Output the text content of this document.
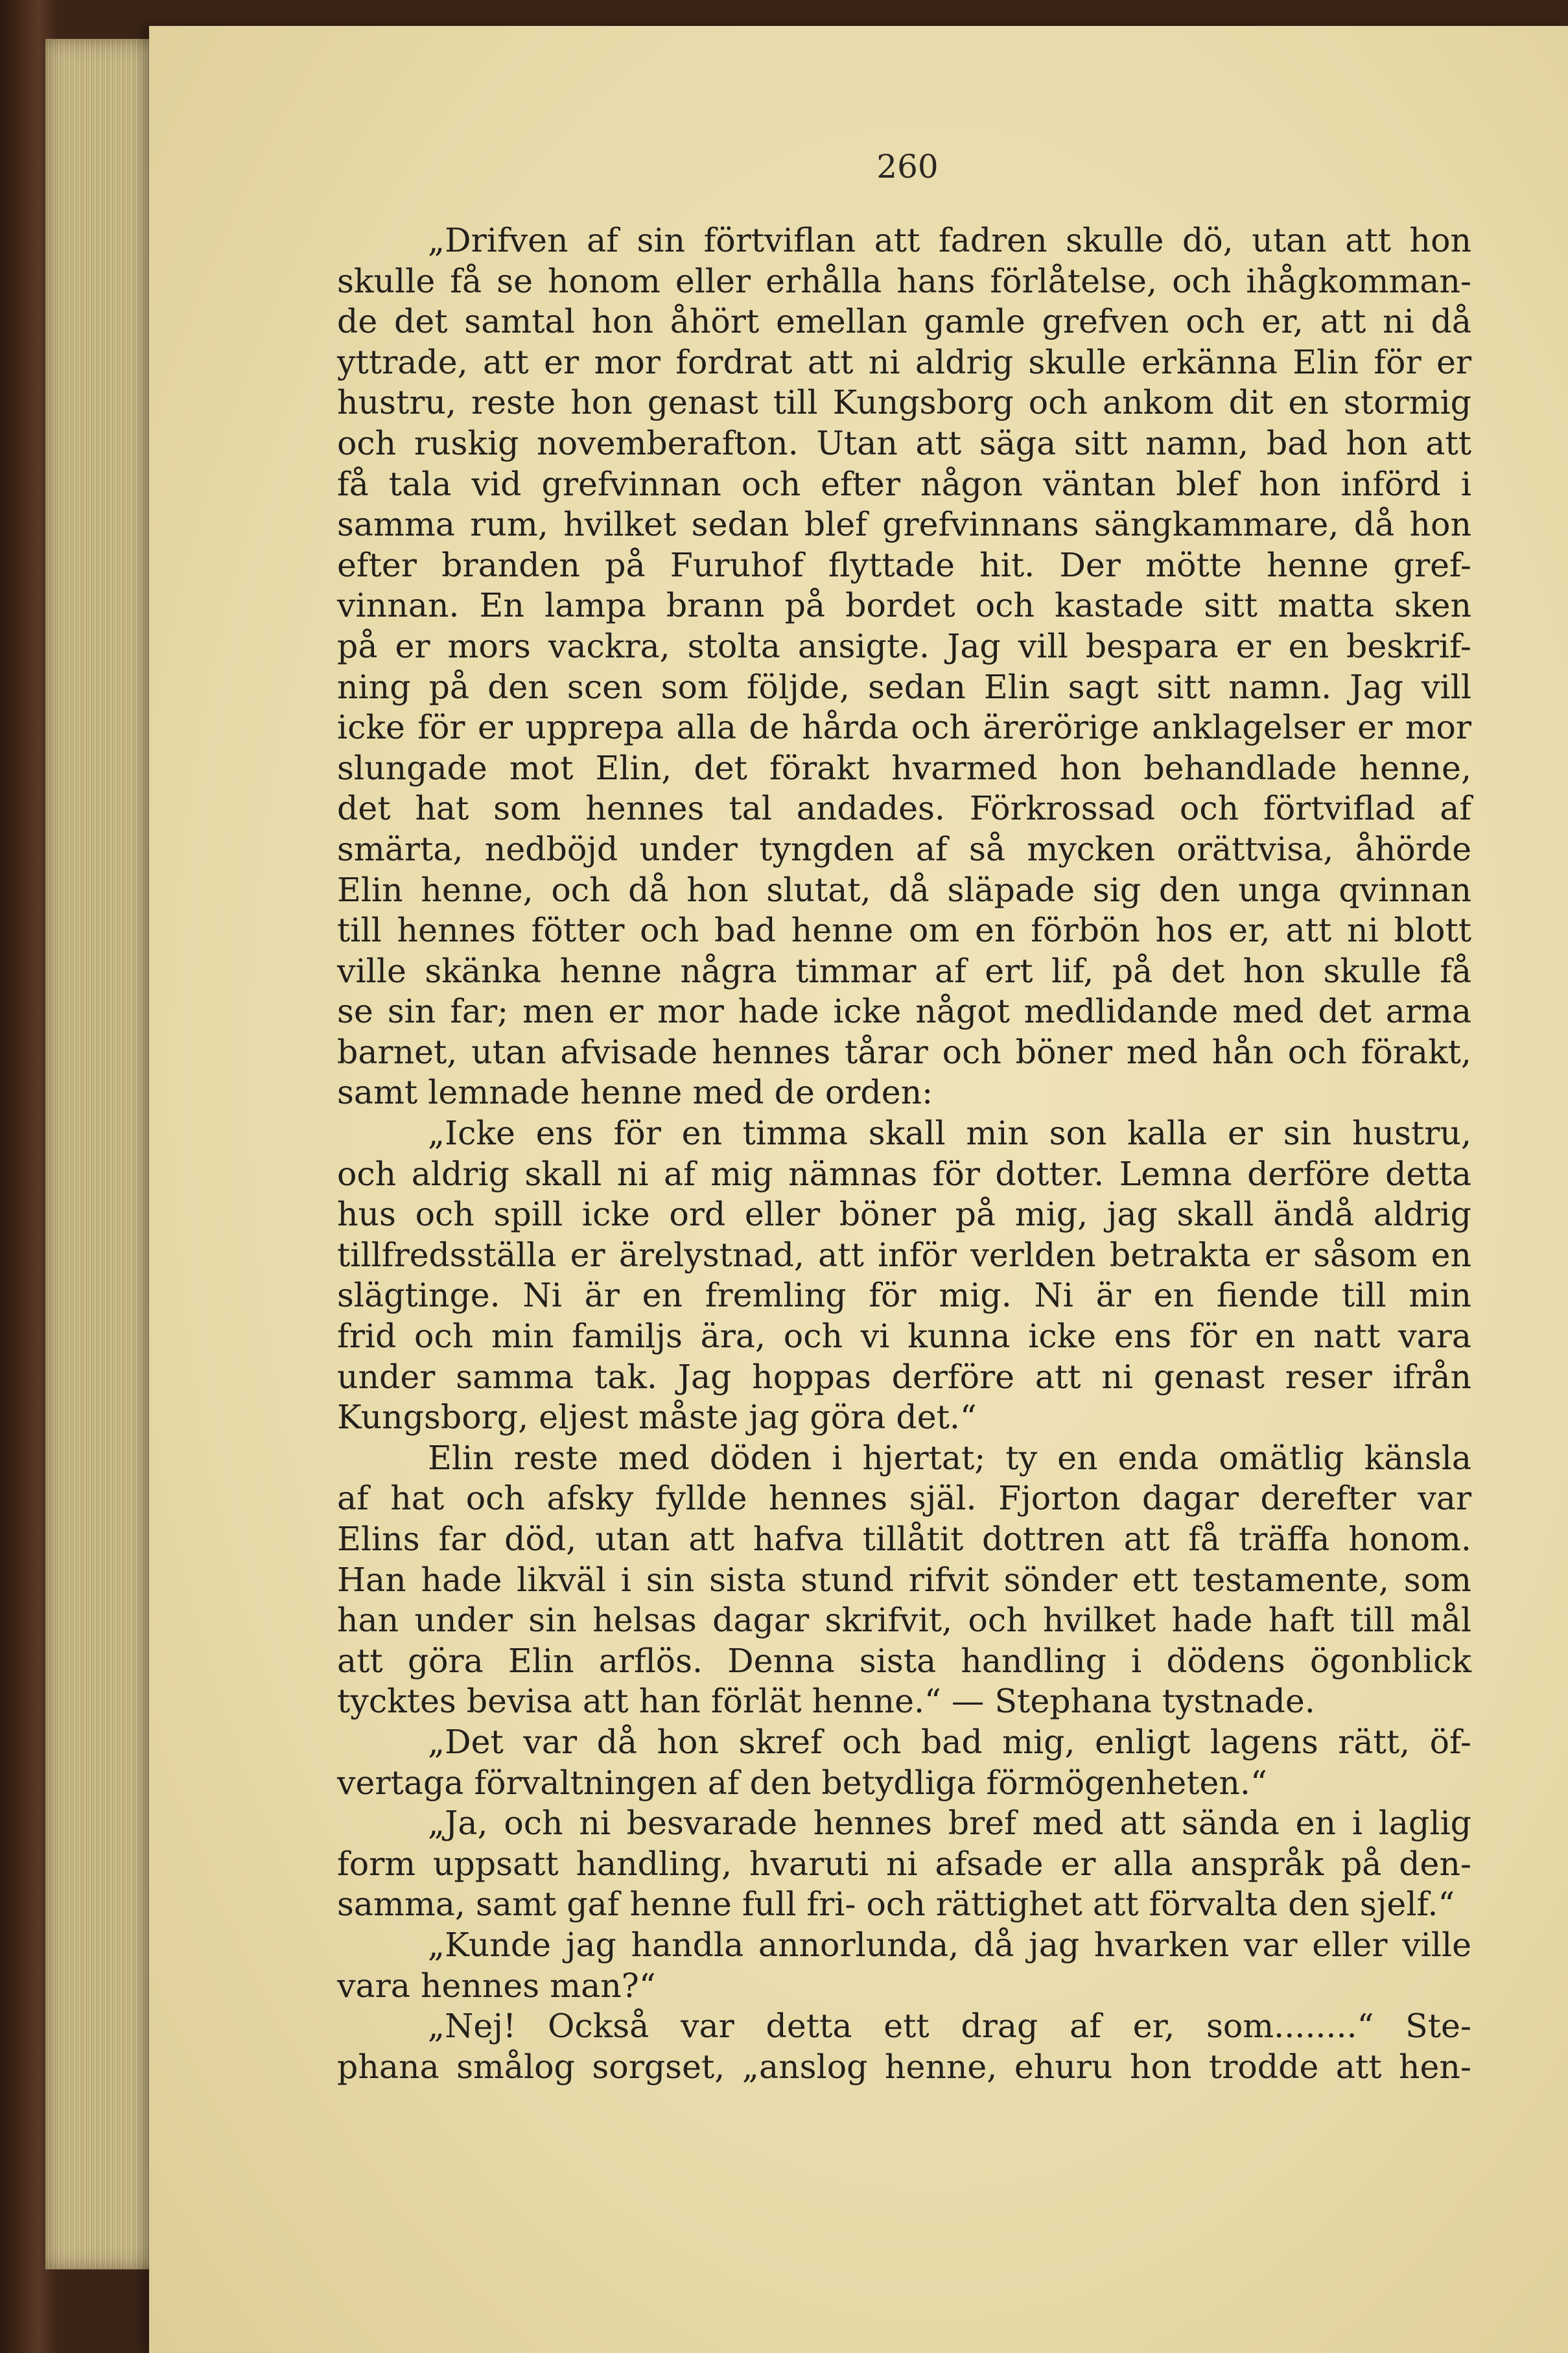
260
„Drifven af sin förtviflan att fadren skulle dö, utan att hon
skulle få se honom eller erhålla hans förlåtelse, och ihågkomman-
de det samtal hon åhört emellan gamle grefven och er, att ni då
yttrade, att er mor fordrat att ni aldrig skulle erkänna Elin för er
hustru, reste hon genast till Kungsborg och ankom dit en stormig
och ruskig novemberafton. Utan att säga sitt namn, bad hon att
få tala vid grefvinnan och efter någon väntan blef hon införd i
samma rum, hvilket sedan blef grefvinnans sängkammare, då hon
efter branden på Furuhof flyttade hit. Der mötte henne gref-
vinnan. En lampa brann på bordet och kastade sitt matta sken
på er mors vackra, stolta ansigte. Jag vill bespara er en beskrif-
ning på den scen som följde, sedan Elin sagt sitt namn. Jag vill
icke för er upprepa alla de hårda och ärerörige anklagelser er mor
slungade mot Elin, det förakt hvarmed hon behandlade henne,
det hat som hennes tal andades. Förkrossad och förtviflad af
smärta, nedböjd under tyngden af så mycken orättvisa, åhörde
Elin henne, och då hon slutat, då släpade sig den unga qvinnan
till hennes fötter och bad henne om en förbön hos er, att ni blott
ville skänka henne några timmar af ert lif, på det hon skulle få
se sin far; men er mor hade icke något medlidande med det arma
barnet, utan afvisade hennes tårar och böner med hån och förakt,
samt lemnade henne med de orden:
„Icke ens för en timma skall min son kalla er sin hustru,
och aldrig skall ni af mig nämnas för dotter. Lemna derföre detta
hus och spill icke ord eller böner på mig, jag skall ändå aldrig
tillfredsställa er ärelystnad, att inför verlden betrakta er såsom en
slägtinge. Ni är en fremling för mig. Ni är en fiende till min
frid och min familjs ära, och vi kunna icke ens för en natt vara
under samma tak. Jag hoppas derföre att ni genast reser ifrån
Kungsborg, eljest måste jag göra det.“
Elin reste med döden i hjertat; ty en enda omätlig känsla
af hat och afsky fyllde hennes själ. Fjorton dagar derefter var
Elins far död, utan att hafva tillåtit dottren att få träffa honom.
Han hade likväl i sin sista stund rifvit sönder ett testamente, som
han under sin helsas dagar skrifvit, och hvilket hade haft till mål
att göra Elin arflös. Denna sista handling i dödens ögonblick
tycktes bevisa att han förlät henne.“ — Stephana tystnade.
„Det var då hon skref och bad mig, enligt lagens rätt, öf-
vertaga förvaltningen af den betydliga förmögenheten.“
„Ja, och ni besvarade hennes bref med att sända en i laglig
form uppsatt handling, hvaruti ni afsade er alla anspråk på den-
samma, samt gaf henne full fri- och rättighet att förvalta den sjelf.“
„Kunde jag handla annorlunda, då jag hvarken var eller ville
vara hennes man?“
„Nej! Också var detta ett drag af er, som........“ Ste-
phana smålog sorgset, „anslog henne, ehuru hon trodde att hen-
